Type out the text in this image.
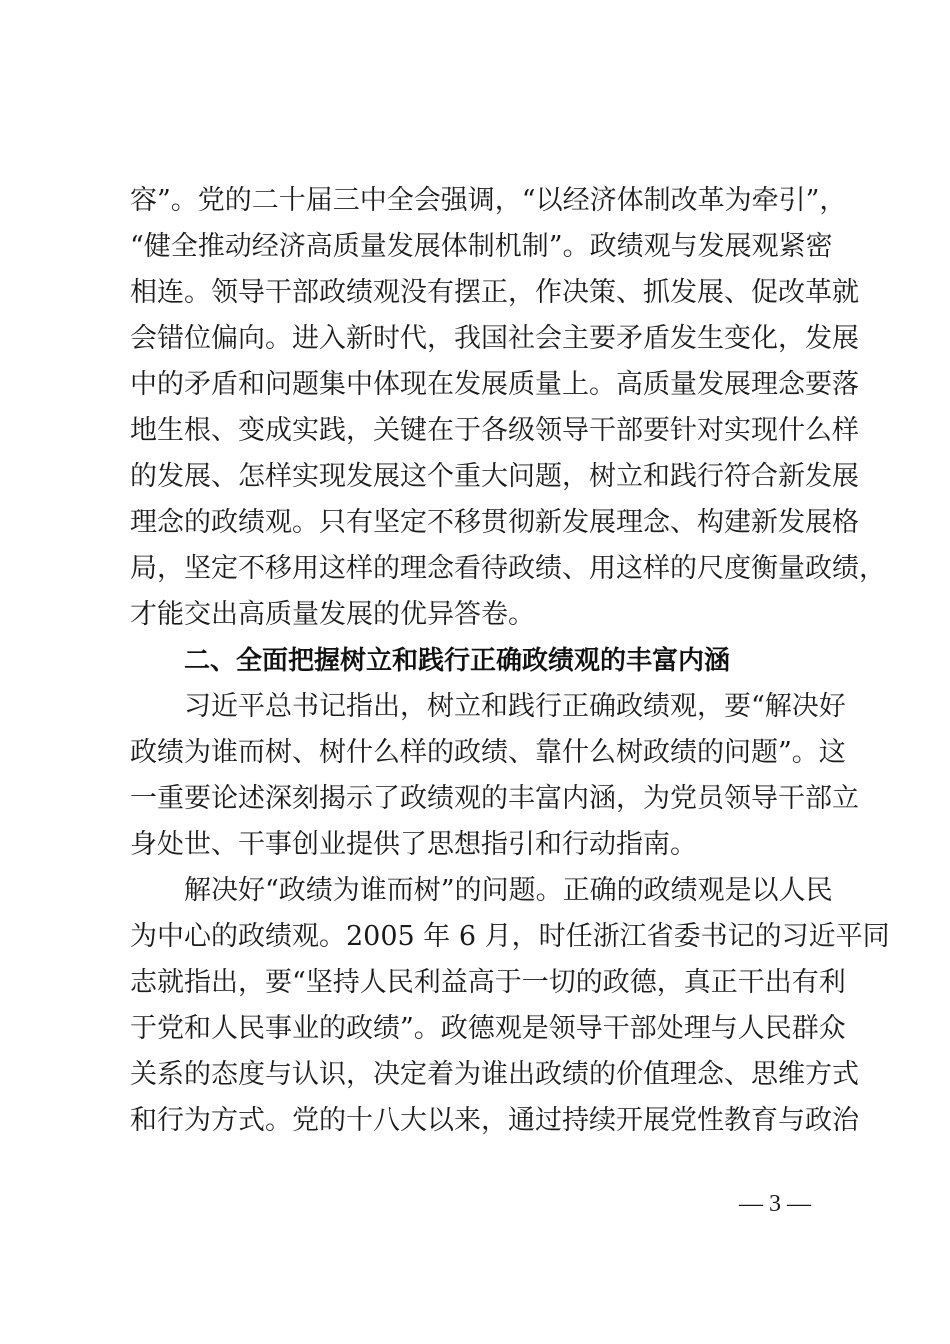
容”。党的二十届三中全会强调，“以经济体制改革为牵引”，
“健全推动经济高质量发展体制机制”。政绩观与发展观紧密
相连。领导干部政绩观没有摆正，作决策、抓发展、促改革就
会错位偏向。进入新时代，我国社会主要矛盾发生变化，发展
中的矛盾和问题集中体现在发展质量上。高质量发展理念要落
地生根、变成实践，关键在于各级领导干部要针对实现什么样
的发展、怎样实现发展这个重大问题，树立和践行符合新发展
理念的政绩观。只有坚定不移贯彻新发展理念、构建新发展格
局，坚定不移用这样的理念看待政绩、用这样的尺度衡量政绩，
才能交出高质量发展的优异答卷。
二、全面把握树立和践行正确政绩观的丰富内涵
习近平总书记指出，树立和践行正确政绩观，要“解决好
政绩为谁而树、树什么样的政绩、靠什么树政绩的问题”。这
一重要论述深刻揭示了政绩观的丰富内涵，为党员领导干部立
身处世、干事创业提供了思想指引和行动指南。
解决好“政绩为谁而树”的问题。正确的政绩观是以人民
为中心的政绩观。2005 年 6 月，时任浙江省委书记的习近平同
志就指出，要“坚持人民利益高于一切的政德，真正干出有利
于党和人民事业的政绩”。政德观是领导干部处理与人民群众
关系的态度与认识，决定着为谁出政绩的价值理念、思维方式
和行为方式。党的十八大以来，通过持续开展党性教育与政治
— 3 —
